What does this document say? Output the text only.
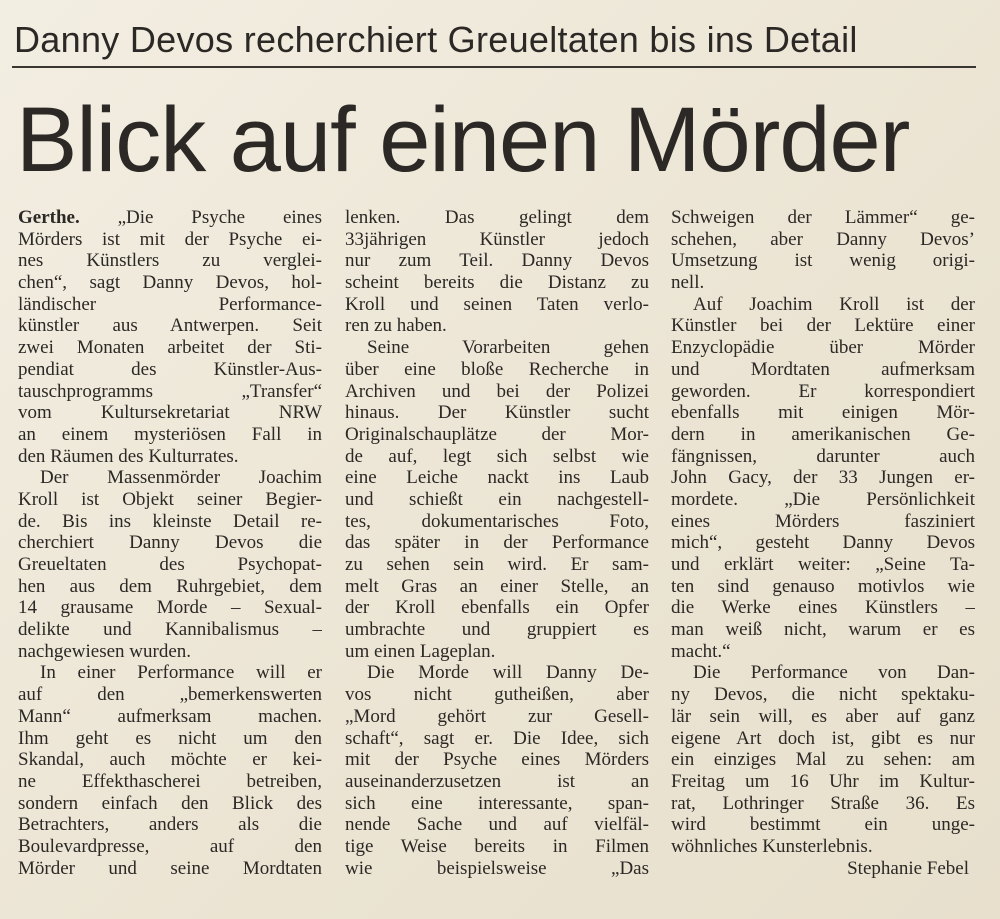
Danny Devos recherchiert Greueltaten bis ins Detail
Blick auf einen Mörder
Gerthe. „Die Psyche eines
Mörders ist mit der Psyche ei-
nes Künstlers zu verglei-
chen“, sagt Danny Devos, hol-
ländischer Performance-
künstler aus Antwerpen. Seit
zwei Monaten arbeitet der Sti-
pendiat des Künstler-Aus-
tauschprogramms „Transfer“
vom Kultursekretariat NRW
an einem mysteriösen Fall in
den Räumen des Kulturrates.
Der Massenmörder Joachim
Kroll ist Objekt seiner Begier-
de. Bis ins kleinste Detail re-
cherchiert Danny Devos die
Greueltaten des Psychopat-
hen aus dem Ruhrgebiet, dem
14 grausame Morde – Sexual-
delikte und Kannibalismus –
nachgewiesen wurden.
In einer Performance will er
auf den „bemerkenswerten
Mann“ aufmerksam machen.
Ihm geht es nicht um den
Skandal, auch möchte er kei-
ne Effekthascherei betreiben,
sondern einfach den Blick des
Betrachters, anders als die
Boulevardpresse, auf den
Mörder und seine Mordtaten
lenken. Das gelingt dem
33jährigen Künstler jedoch
nur zum Teil. Danny Devos
scheint bereits die Distanz zu
Kroll und seinen Taten verlo-
ren zu haben.
Seine Vorarbeiten gehen
über eine bloße Recherche in
Archiven und bei der Polizei
hinaus. Der Künstler sucht
Originalschauplätze der Mor-
de auf, legt sich selbst wie
eine Leiche nackt ins Laub
und schießt ein nachgestell-
tes, dokumentarisches Foto,
das später in der Performance
zu sehen sein wird. Er sam-
melt Gras an einer Stelle, an
der Kroll ebenfalls ein Opfer
umbrachte und gruppiert es
um einen Lageplan.
Die Morde will Danny De-
vos nicht gutheißen, aber
„Mord gehört zur Gesell-
schaft“, sagt er. Die Idee, sich
mit der Psyche eines Mörders
auseinanderzusetzen ist an
sich eine interessante, span-
nende Sache und auf vielfäl-
tige Weise bereits in Filmen
wie beispielsweise „Das
Schweigen der Lämmer“ ge-
schehen, aber Danny Devos’
Umsetzung ist wenig origi-
nell.
Auf Joachim Kroll ist der
Künstler bei der Lektüre einer
Enzyclopädie über Mörder
und Mordtaten aufmerksam
geworden. Er korrespondiert
ebenfalls mit einigen Mör-
dern in amerikanischen Ge-
fängnissen, darunter auch
John Gacy, der 33 Jungen er-
mordete. „Die Persönlichkeit
eines Mörders fasziniert
mich“, gesteht Danny Devos
und erklärt weiter: „Seine Ta-
ten sind genauso motivlos wie
die Werke eines Künstlers –
man weiß nicht, warum er es
macht.“
Die Performance von Dan-
ny Devos, die nicht spektaku-
lär sein will, es aber auf ganz
eigene Art doch ist, gibt es nur
ein einziges Mal zu sehen: am
Freitag um 16 Uhr im Kultur-
rat, Lothringer Straße 36. Es
wird bestimmt ein unge-
wöhnliches Kunsterlebnis.
Stephanie Febel
